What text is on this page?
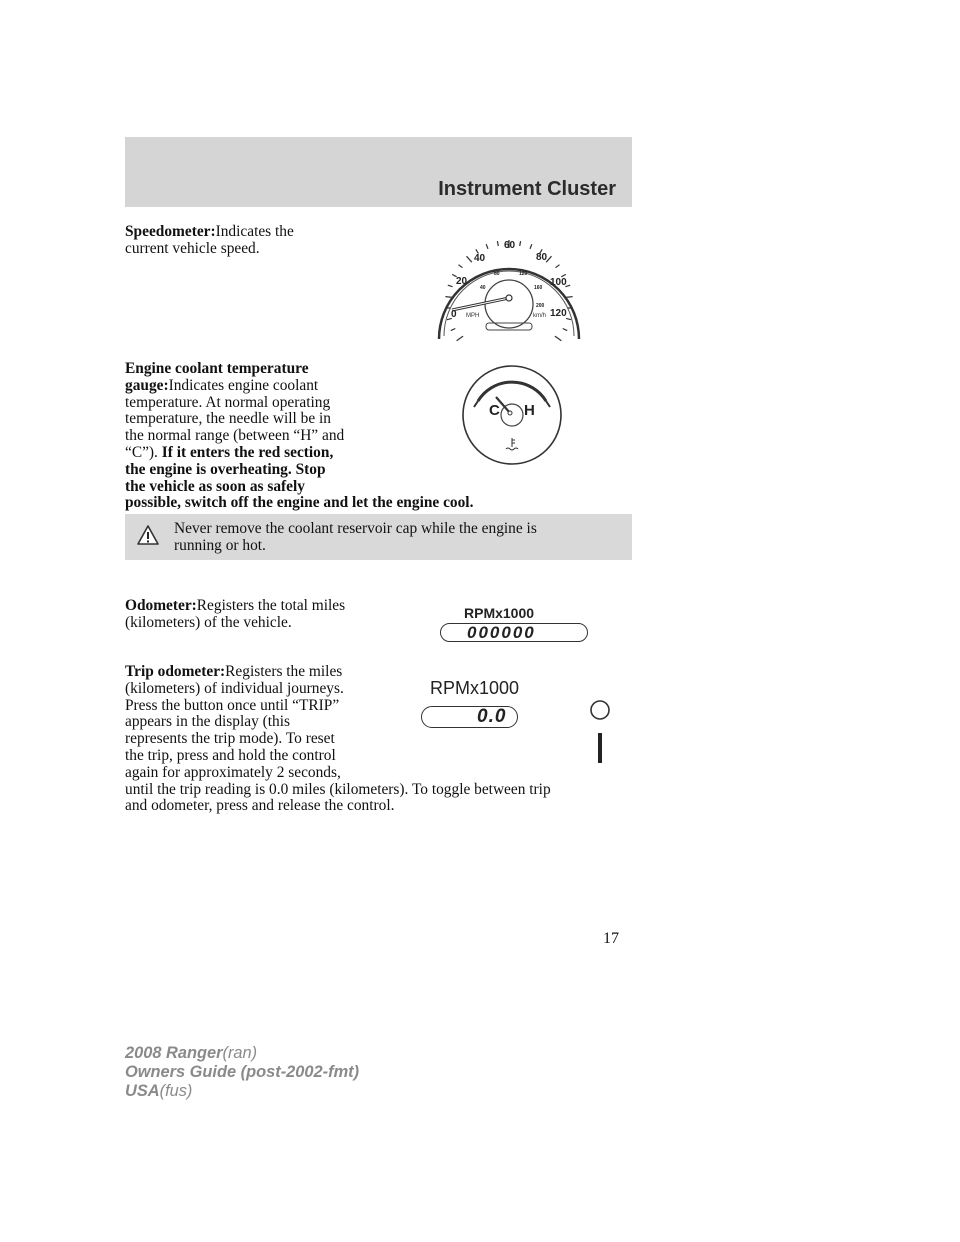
Instrument Cluster

Speedometer:Indicates the
current vehicle speed.

0
20
40
60
80
100
120
40
80	120
160
200
MPH	km/h
Engine coolant temperature
gauge:Indicates engine coolant
temperature. At normal operating
temperature, the needle will be in
the normal range (between “H” and
“C”). If it enters the red section,
the engine is overheating. Stop
the vehicle as soon as safely
possible, switch off the engine and let the engine cool.
C H
Never remove the coolant reservoir cap while the engine is
running or hot.

Odometer:Registers the total miles
(kilometers) of the vehicle.

RPMx1000
000000
Trip odometer:Registers the miles
(kilometers) of individual journeys.
Press the button once until “TRIP”
appears in the display (this
represents the trip mode). To reset
the trip, press and hold the control
again for approximately 2 seconds,
until the trip reading is 0.0 miles (kilometers). To toggle between trip
and odometer, press and release the control.
RPMx1000
0.0
17
2008 Ranger(ran)
Owners Guide (post-2002-fmt)
USA(fus)
